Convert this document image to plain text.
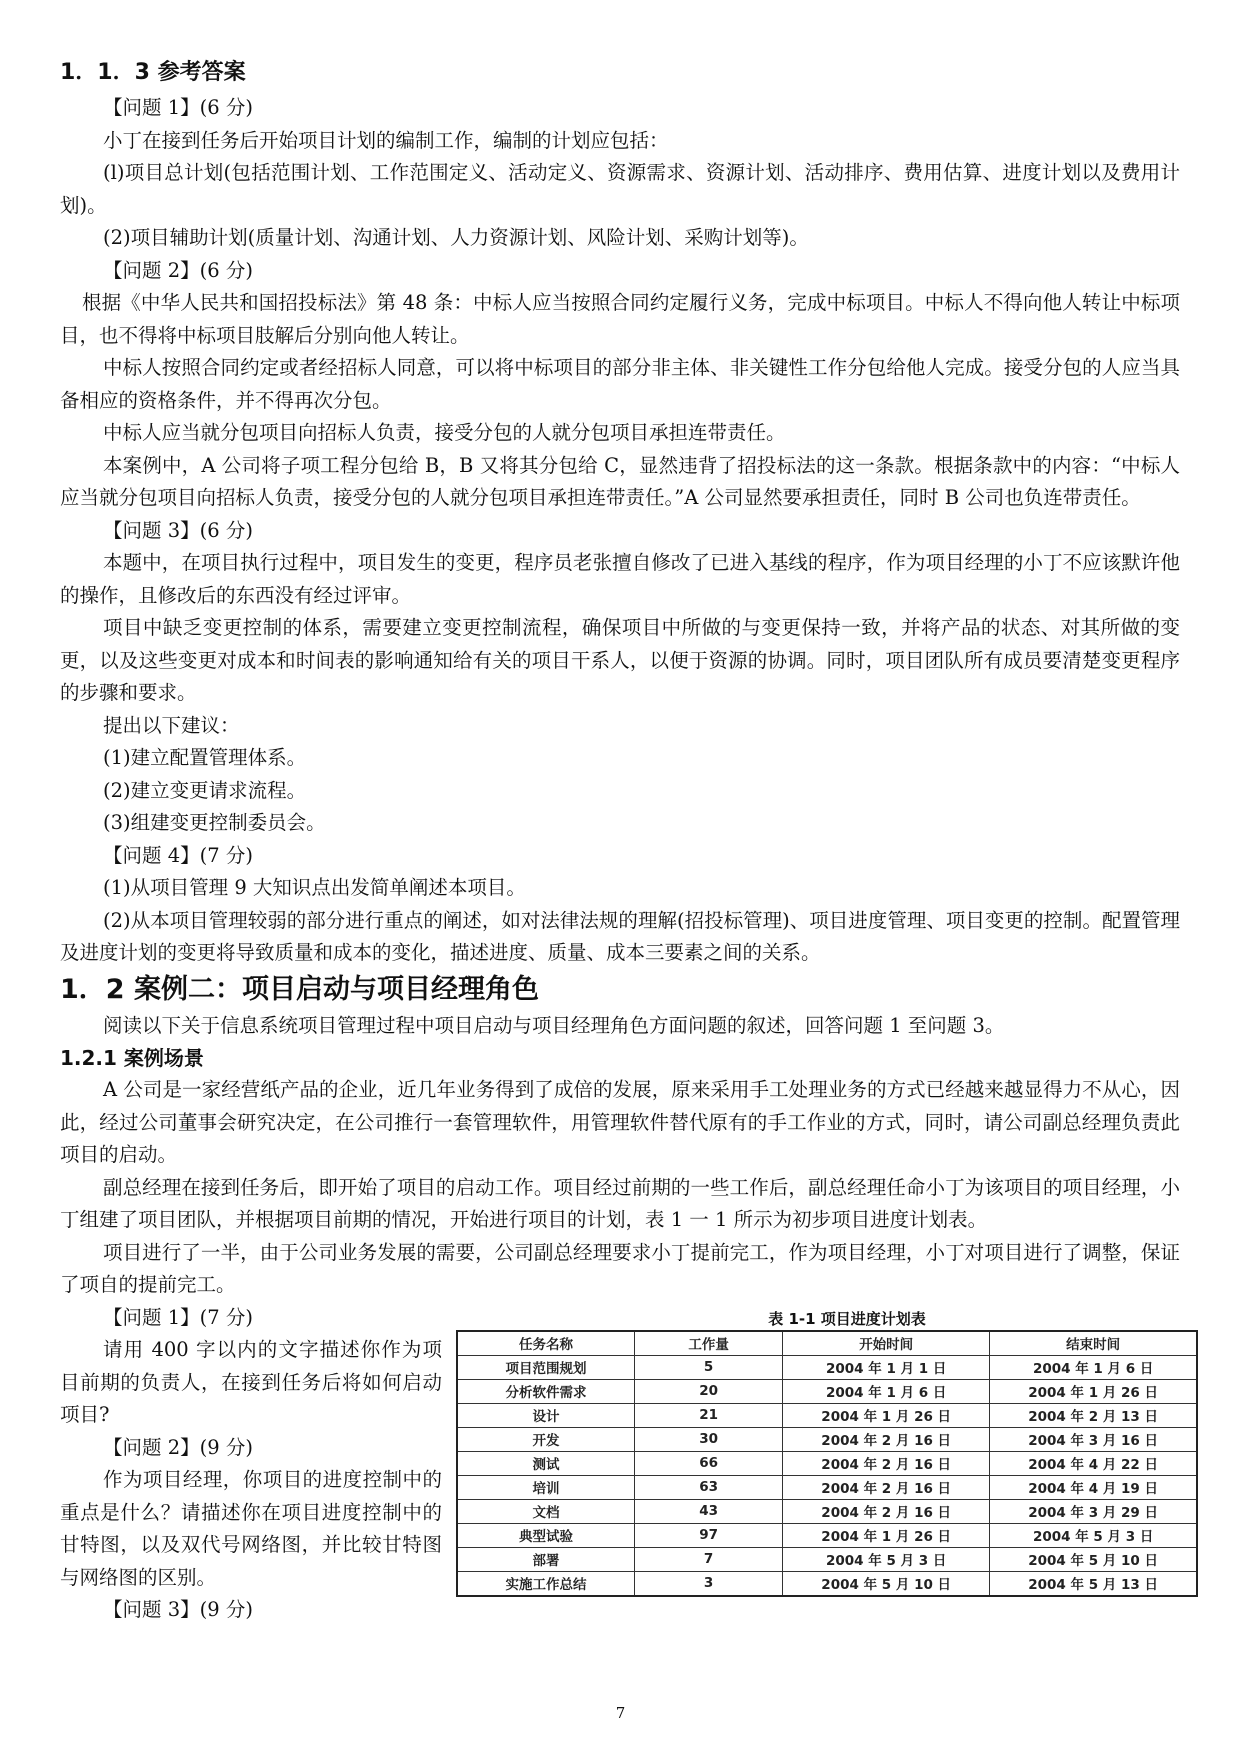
1．1．3 参考答案

【问题 1】(6 分)

小丁在接到任务后开始项目计划的编制工作，编制的计划应包括：

(l)项目总计划(包括范围计划、工作范围定义、活动定义、资源需求、资源计划、活动排序、费用估算、进度计划以及费用计划)。

(2)项目辅助计划(质量计划、沟通计划、人力资源计划、风险计划、采购计划等)。

【问题 2】(6 分)

根据《中华人民共和国招投标法》第 48 条：中标人应当按照合同约定履行义务，完成中标项目。中标人不得向他人转让中标项目，也不得将中标项目肢解后分别向他人转让。

中标人按照合同约定或者经招标人同意，可以将中标项目的部分非主体、非关键性工作分包给他人完成。接受分包的人应当具备相应的资格条件，并不得再次分包。

中标人应当就分包项目向招标人负责，接受分包的人就分包项目承担连带责任。

本案例中，A 公司将子项工程分包给 B，B 又将其分包给 C，显然违背了招投标法的这一条款。根据条款中的内容：“中标人应当就分包项目向招标人负责，接受分包的人就分包项目承担连带责任。”A 公司显然要承担责任，同时 B 公司也负连带责任。

【问题 3】(6 分)

本题中，在项目执行过程中，项目发生的变更，程序员老张擅自修改了已进入基线的程序，作为项目经理的小丁不应该默许他的操作，且修改后的东西没有经过评审。

项目中缺乏变更控制的体系，需要建立变更控制流程，确保项目中所做的与变更保持一致，并将产品的状态、对其所做的变更，以及这些变更对成本和时间表的影响通知给有关的项目干系人，以便于资源的协调。同时，项目团队所有成员要清楚变更程序的步骤和要求。

提出以下建议：

(1)建立配置管理体系。

(2)建立变更请求流程。

(3)组建变更控制委员会。

【问题 4】(7 分)

(1)从项目管理 9 大知识点出发简单阐述本项目。

(2)从本项目管理较弱的部分进行重点的阐述，如对法律法规的理解(招投标管理)、项目进度管理、项目变更的控制。配置管理及进度计划的变更将导致质量和成本的变化，描述进度、质量、成本三要素之间的关系。

1．2 案例二：项目启动与项目经理角色

阅读以下关于信息系统项目管理过程中项目启动与项目经理角色方面问题的叙述，回答问题 1 至问题 3。

1.2.1 案例场景

A 公司是一家经营纸产品的企业，近几年业务得到了成倍的发展，原来采用手工处理业务的方式已经越来越显得力不从心，因此，经过公司董事会研究决定，在公司推行一套管理软件，用管理软件替代原有的手工作业的方式，同时，请公司副总经理负责此项目的启动。

副总经理在接到任务后，即开始了项目的启动工作。项目经过前期的一些工作后，副总经理任命小丁为该项目的项目经理，小丁组建了项目团队，并根据项目前期的情况，开始进行项目的计划，表 1 一 1 所示为初步项目进度计划表。

项目进行了一半，由于公司业务发展的需要，公司副总经理要求小丁提前完工，作为项目经理，小丁对项目进行了调整，保证了项自的提前完工。

【问题 1】(7 分)

请用 400 字以内的文字描述你作为项目前期的负责人，在接到任务后将如何启动项目?

【问题 2】(9 分)

作为项目经理，你项目的进度控制中的重点是什么？请描述你在项目进度控制中的甘特图，以及双代号网络图，并比较甘特图与网络图的区别。

【问题 3】(9 分)

表 1-1 项目进度计划表
任务名称	工作量	开始时间	结束时间
项目范围规划	5	2004 年 1 月 1 日	2004 年 1 月 6 日
分析软件需求	20	2004 年 1 月 6 日	2004 年 1 月 26 日
设计	21	2004 年 1 月 26 日	2004 年 2 月 13 日
开发	30	2004 年 2 月 16 日	2004 年 3 月 16 日
测试	66	2004 年 2 月 16 日	2004 年 4 月 22 日
培训	63	2004 年 2 月 16 日	2004 年 4 月 19 日
文档	43	2004 年 2 月 16 日	2004 年 3 月 29 日
典型试验	97	2004 年 1 月 26 日	2004 年 5 月 3 日
部署	7	2004 年 5 月 3 日	2004 年 5 月 10 日
实施工作总结	3	2004 年 5 月 10 日	2004 年 5 月 13 日
7
